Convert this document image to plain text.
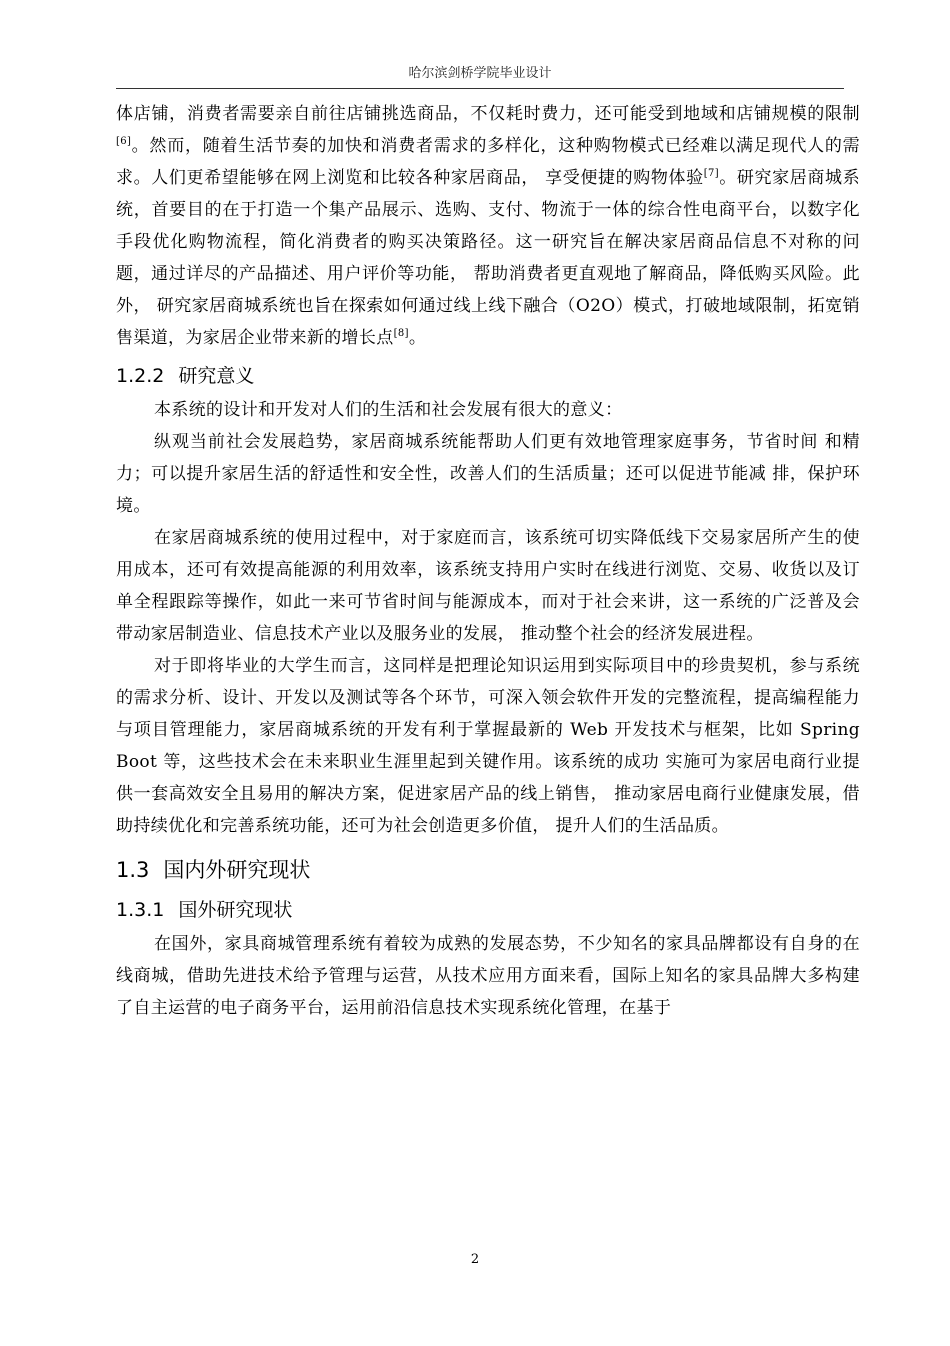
哈尔滨剑桥学院毕业设计

体店铺，消费者需要亲自前往店铺挑选商品，不仅耗时费力，还可能受到地域和店铺规模的限制[6]。然而，随着生活节奏的加快和消费者需求的多样化，这种购物模式已经难以满足现代人的需求。人们更希望能够在网上浏览和比较各种家居商品， 享受便捷的购物体验[7]。研究家居商城系统，首要目的在于打造一个集产品展示、选购、支付、物流于一体的综合性电商平台，以数字化手段优化购物流程，简化消费者的购买决策路径。这一研究旨在解决家居商品信息不对称的问题，通过详尽的产品描述、用户评价等功能， 帮助消费者更直观地了解商品，降低购买风险。此外， 研究家居商城系统也旨在探索如何通过线上线下融合（O2O）模式，打破地域限制，拓宽销售渠道，为家居企业带来新的增长点[8]。

1.2.2 研究意义

本系统的设计和开发对人们的生活和社会发展有很大的意义：

纵观当前社会发展趋势，家居商城系统能帮助人们更有效地管理家庭事务，节省时间 和精力；可以提升家居生活的舒适性和安全性，改善人们的生活质量；还可以促进节能减 排，保护环境。

在家居商城系统的使用过程中，对于家庭而言，该系统可切实降低线下交易家居所产生的使用成本，还可有效提高能源的利用效率，该系统支持用户实时在线进行浏览、交易、收货以及订单全程跟踪等操作，如此一来可节省时间与能源成本，而对于社会来讲，这一系统的广泛普及会带动家居制造业、信息技术产业以及服务业的发展， 推动整个社会的经济发展进程。

对于即将毕业的大学生而言，这同样是把理论知识运用到实际项目中的珍贵契机，参与系统的需求分析、设计、开发以及测试等各个环节，可深入领会软件开发的完整流程，提高编程能力与项目管理能力，家居商城系统的开发有利于掌握最新的 Web 开发技术与框架，比如 Spring Boot 等，这些技术会在未来职业生涯里起到关键作用。该系统的成功 实施可为家居电商行业提供一套高效安全且易用的解决方案，促进家居产品的线上销售， 推动家居电商行业健康发展，借助持续优化和完善系统功能，还可为社会创造更多价值， 提升人们的生活品质。

1.3 国内外研究现状
1.3.1 国外研究现状

在国外，家具商城管理系统有着较为成熟的发展态势，不少知名的家具品牌都设有自身的在线商城，借助先进技术给予管理与运营，从技术应用方面来看，国际上知名的家具品牌大多构建了自主运营的电子商务平台，运用前沿信息技术实现系统化管理，在基于

2
